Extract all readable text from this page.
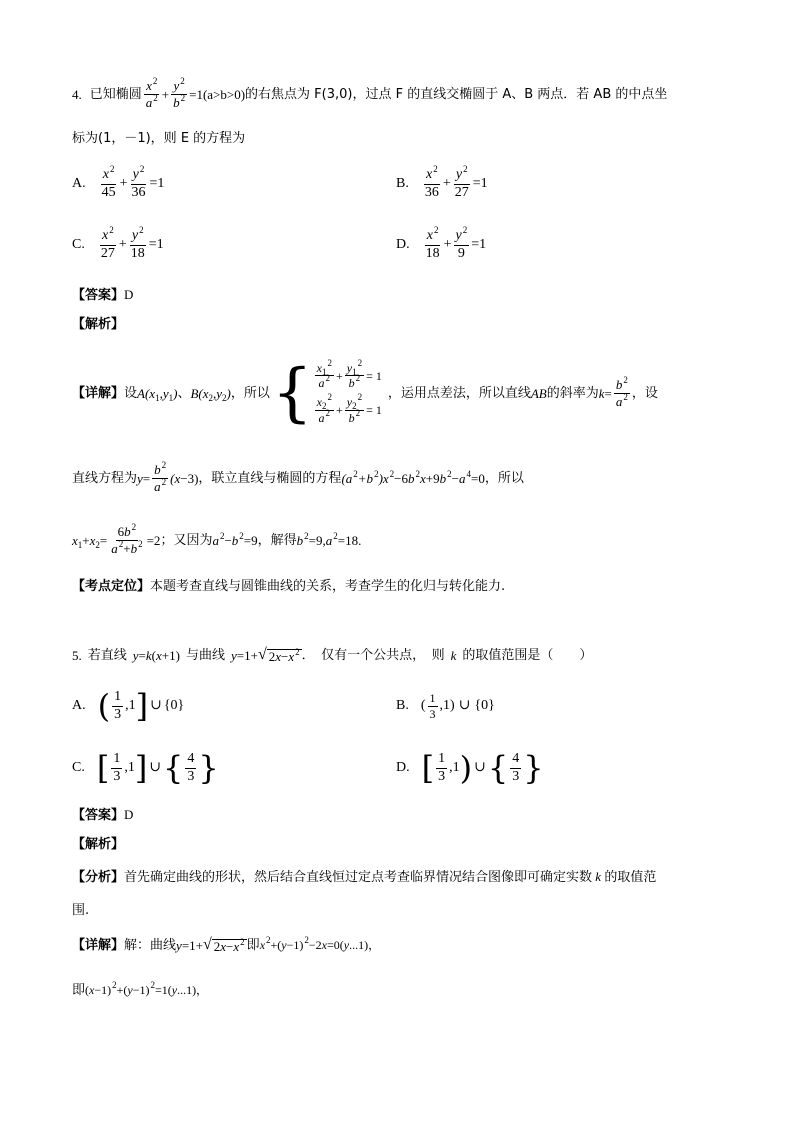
4. 已知椭圆 $\frac{x^2}{a^2} + \frac{y^2}{b^2} = 1(a>b>0)$ 的右焦点为 F(3,0)，过点 F 的直线交椭圆于 A、B 两点．若 AB 的中点坐
标为(1，－1)，则 E 的方程为
A. $\frac{x^2}{45} + \frac{y^2}{36} =1$	B. $\frac{x^2}{36} + \frac{y^2}{27} =1$
C. $\frac{x^2}{27} + \frac{y^2}{18} =1$	D. $\frac{x^2}{18} + \frac{y^2}{9} =1$
【答案】D
【解析】
【详解】 设 $A(x_1,y_1)$ 、 $B(x_2,y_2)$ ，所以 { $\frac{x_1^2}{a^2} + \frac{y_1^2}{b^2} = 1$
$\frac{x_2^2}{a^2} + \frac{y_2^2}{b^2} = 1$
，运用点差法，所以直线 AB 的斜率为 $k = \frac{b^2}{a^2}$ ，设
直线方程为 $y = \frac{b^2}{a^2} (x -3)$ ，联立直线与椭圆的方程 $(a^2+b^2)x^2-6b^2x+9b^2-a^4=0$ ，所以
$x_1+x_2= \frac{6b^2}{a^2+b^2} =2$ ；又因为 $a^2-b^2=9$ ，解得 $b^2=9,a^2=18$.
【考点定位】本题考查直线与圆锥曲线的关系，考查学生的化归与转化能力.
5. 若直线 y=k(x+1) 与曲线 y=1+ √ $2x-x^2$ ．　仅有一个公共点，　则 k 的取值范围是（　　）
A. ( $\frac{1}{3} ,1$ ] ∪ {0}	B. ( $\frac{1}{3} ,1$) ∪ {0}
C. [ $\frac{1}{3} ,1$ ] ∪ { $\frac{4}{3}$ }	D. [ $\frac{1}{3} ,1$ ) ∪ { $\frac{4}{3}$ }
【答案】D
【解析】
【分析】首先确定曲线的形状，然后结合直线恒过定点考查临界情况结合图像即可确定实数 k 的取值范
围.
【详解】 解：曲线 y=1+ √ $2x-x^2$ 即 $x^2+(y-1)^2-2x=0(y...1)$，
即 $(x-1)^2+(y-1)^2=1(y...1)$，
